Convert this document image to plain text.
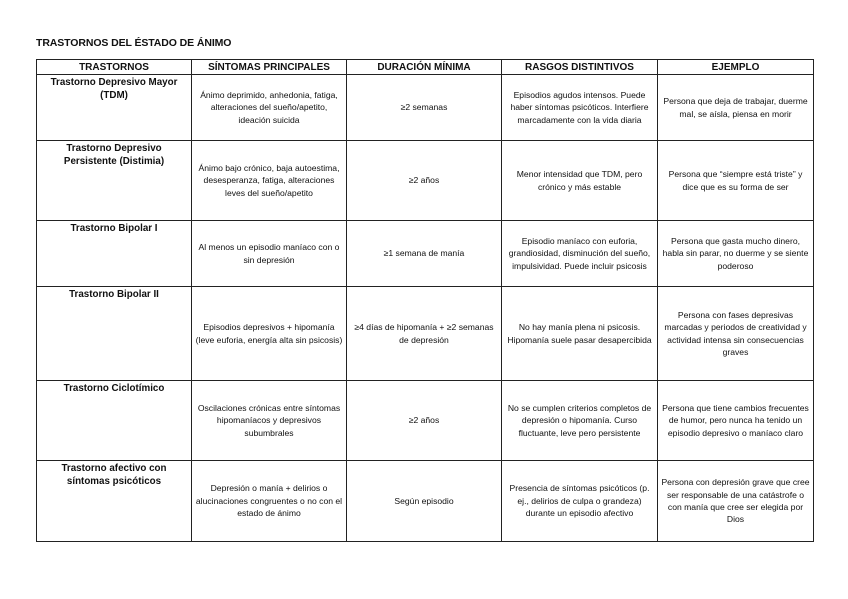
TRASTORNOS DEL ÉSTADO DE ÁNIMO
TRASTORNOS	SÍNTOMAS PRINCIPALES	DURACIÓN MÍNIMA	RASGOS DISTINTIVOS	EJEMPLO
Trastorno Depresivo Mayor (TDM)	Ánimo deprimido, anhedonia, fatiga, alteraciones del sueño/apetito, ideación suicida	≥2 semanas	Episodios agudos intensos. Puede haber síntomas psicóticos. Interfiere marcadamente con la vida diaria	Persona que deja de trabajar, duerme mal, se aísla, piensa en morir
Trastorno Depresivo Persistente (Distimia)	Ánimo bajo crónico, baja autoestima, desesperanza, fatiga, alteraciones leves del sueño/apetito	≥2 años	Menor intensidad que TDM, pero crónico y más estable	Persona que “siempre está triste” y dice que es su forma de ser
Trastorno Bipolar I	Al menos un episodio maníaco con o sin depresión	≥1 semana de manía	Episodio maníaco con euforia, grandiosidad, disminución del sueño, impulsividad. Puede incluir psicosis	Persona que gasta mucho dinero, habla sin parar, no duerme y se siente poderoso
Trastorno Bipolar II	Episodios depresivos + hipomanía (leve euforia, energía alta sin psicosis)	≥4 días de hipomanía + ≥2 semanas de depresión	No hay manía plena ni psicosis. Hipomanía suele pasar desapercibida	Persona con fases depresivas marcadas y periodos de creatividad y actividad intensa sin consecuencias graves
Trastorno Ciclotímico	Oscilaciones crónicas entre síntomas hipomaníacos y depresivos subumbrales	≥2 años	No se cumplen criterios completos de depresión o hipomanía. Curso fluctuante, leve pero persistente	Persona que tiene cambios frecuentes de humor, pero nunca ha tenido un episodio depresivo o maníaco claro
Trastorno afectivo con síntomas psicóticos	Depresión o manía + delirios o alucinaciones congruentes o no con el estado de ánimo	Según episodio	Presencia de síntomas psicóticos (p. ej., delirios de culpa o grandeza) durante un episodio afectivo	Persona con depresión grave que cree ser responsable de una catástrofe o con manía que cree ser elegida por Dios
